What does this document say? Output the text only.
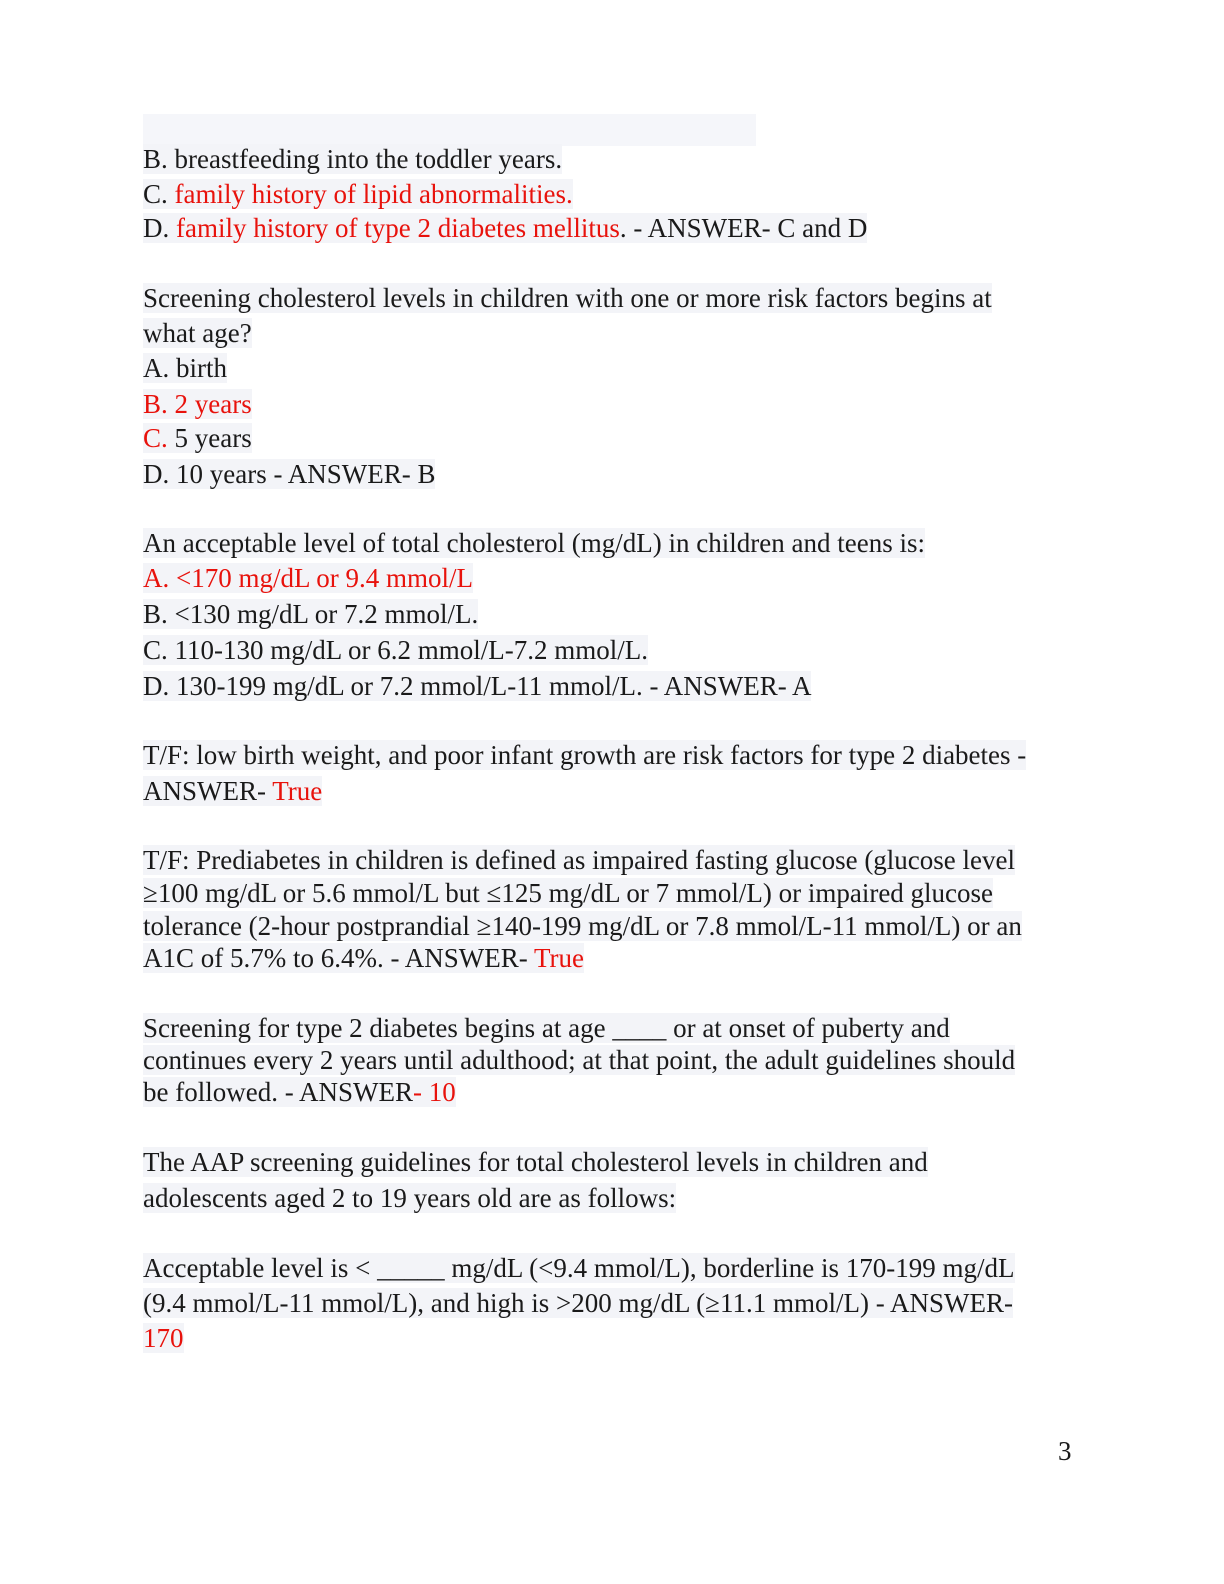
B. breastfeeding into the toddler years.
C. family history of lipid abnormalities.
D. family history of type 2 diabetes mellitus. - ANSWER- C and D
Screening cholesterol levels in children with one or more risk factors begins at
what age?
A. birth
B. 2 years
C. 5 years
D. 10 years - ANSWER- B
An acceptable level of total cholesterol (mg/dL) in children and teens is:
A. <170 mg/dL or 9.4 mmol/L
B. <130 mg/dL or 7.2 mmol/L.
C. 110-130 mg/dL or 6.2 mmol/L-7.2 mmol/L.
D. 130-199 mg/dL or 7.2 mmol/L-11 mmol/L. - ANSWER- A
T/F: low birth weight, and poor infant growth are risk factors for type 2 diabetes -
ANSWER- True
T/F: Prediabetes in children is defined as impaired fasting glucose (glucose level
≥100 mg/dL or 5.6 mmol/L but ≤125 mg/dL or 7 mmol/L) or impaired glucose
tolerance (2-hour postprandial ≥140-199 mg/dL or 7.8 mmol/L-11 mmol/L) or an
A1C of 5.7% to 6.4%. - ANSWER- True
Screening for type 2 diabetes begins at age ____ or at onset of puberty and
continues every 2 years until adulthood; at that point, the adult guidelines should
be followed. - ANSWER- 10
The AAP screening guidelines for total cholesterol levels in children and
adolescents aged 2 to 19 years old are as follows:
Acceptable level is < _____ mg/dL (<9.4 mmol/L), borderline is 170-199 mg/dL
(9.4 mmol/L-11 mmol/L), and high is >200 mg/dL (≥11.1 mmol/L) - ANSWER-
170
3
